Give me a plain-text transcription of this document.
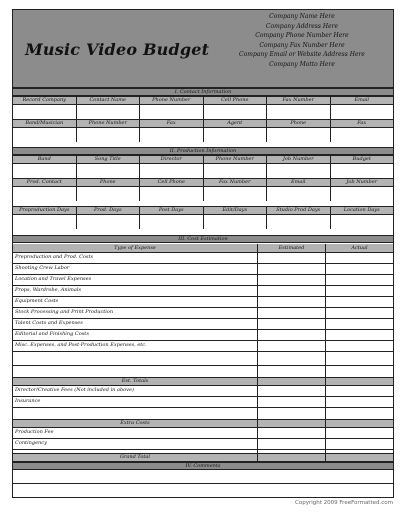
Music Video Budget
Company Name Here
Company Address Here
Company Phone Number Here
Company Fax Number Here
Company Email or Website Address Here
Company Motto Here
I. Contact Information
Record Company	Contact Name	Phone Number	Cell Phone	Fax Number	Email
Band/Musician	Phone Number	Fax	Agent	Phone	Fax
II. Production Information
Band	Song Title	Director	Phone Number	Job Number	Budget
Prod. Contact	Phone	Cell Phone	Fax Number	Email	Job Number
Preproduction Days	Prod. Days	Post Days	Edit/Days	Studio Prod Days	Location Days
III. Cost Estimation
Type of Expense	Estimated	Actual
Preproduction and Prod. Costs
Shooting Crew Labor
Location and Travel Expenses
Props, Wardrobe, Animals
Equipment Costs
Stock Processing and Print Production
Talent Costs and Expenses
Editorial and Finishing Costs
Misc. Expenses, and Post-Production Expenses, etc.
Est. Totals
Director/Creative Fees (Not included in above)
Insurance
Extra Costs
Production Fee
Contingency
Grand Total
IV. Comments
Copyright 2009 FreeFormatted.com
